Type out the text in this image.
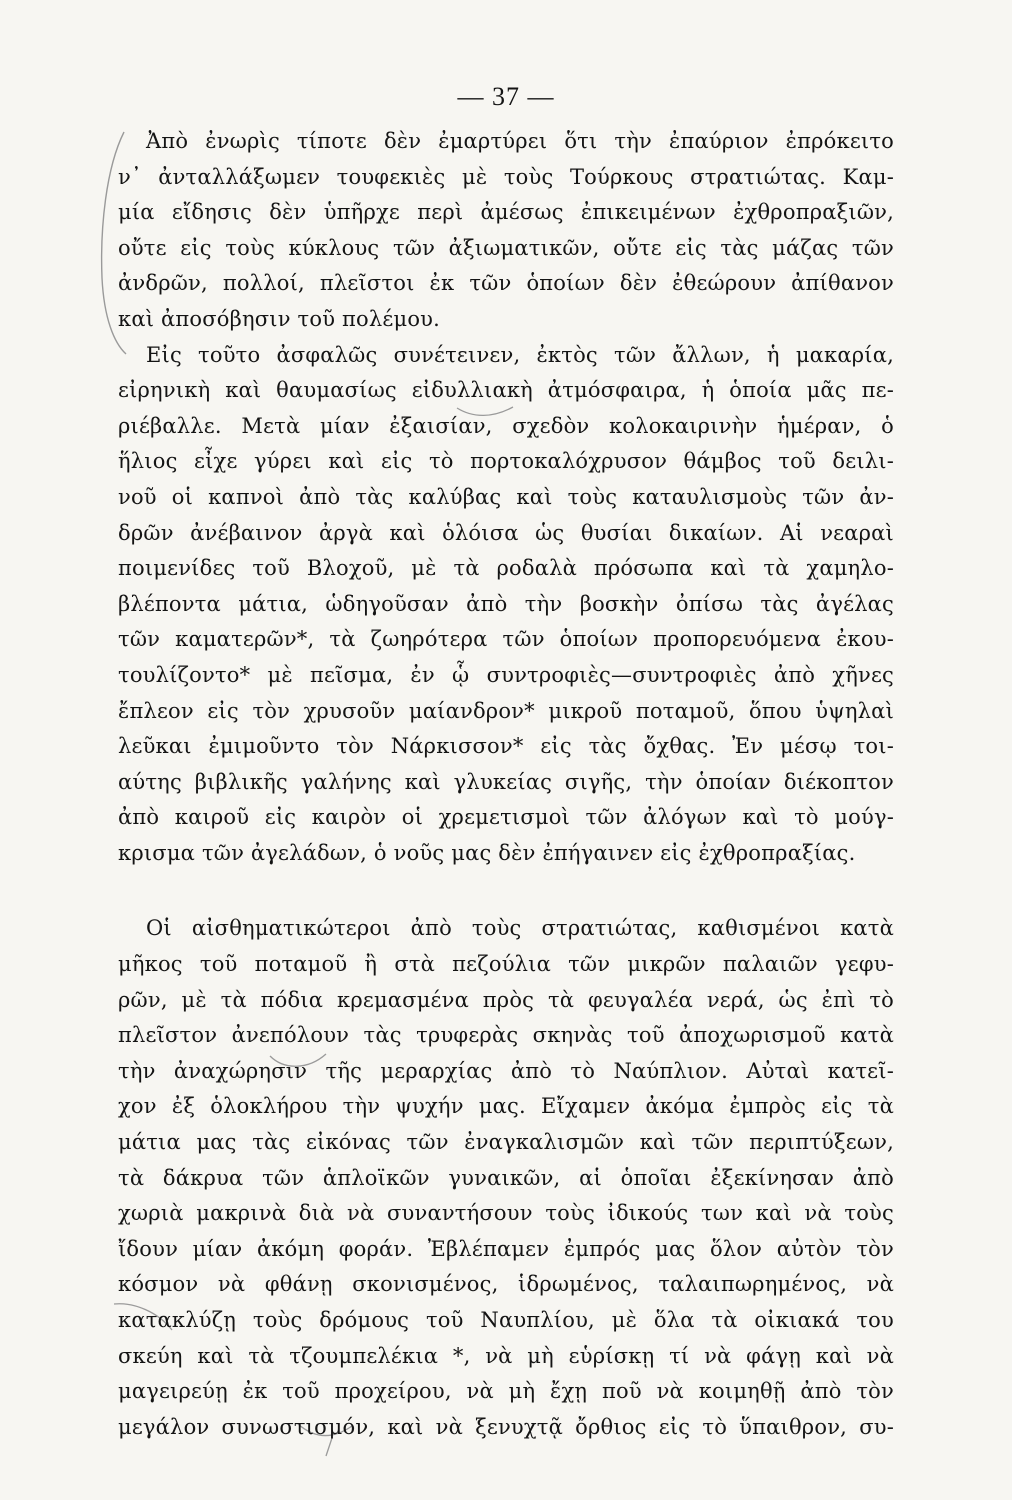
— 37 —
Ἀπὸ ἐνωρὶς τίποτε δὲν ἐμαρτύρει ὅτι τὴν ἐπαύριον ἐπρόκειτο
ν᾽ ἀνταλλάξωμεν τουφεκιὲς μὲ τοὺς Τούρκους στρατιώτας. Καμ-
μία εἴδησις δὲν ὑπῆρχε περὶ ἀμέσως ἐπικειμένων ἐχθροπραξιῶν,
οὔτε εἰς τοὺς κύκλους τῶν ἀξιωματικῶν, οὔτε εἰς τὰς μάζας τῶν
ἀνδρῶν, πολλοί, πλεῖστοι ἐκ τῶν ὁποίων δὲν ἐθεώρουν ἀπίθανον
καὶ ἀποσόβησιν τοῦ πολέμου.
Εἰς τοῦτο ἀσφαλῶς συνέτεινεν, ἐκτὸς τῶν ἄλλων, ἡ μακαρία,
εἰρηνικὴ καὶ θαυμασίως εἰδυλλιακὴ ἀτμόσφαιρα, ἡ ὁποία μᾶς πε-
ριέβαλλε. Μετὰ μίαν ἐξαισίαν, σχεδὸν κολοκαιρινὴν ἡμέραν, ὁ
ἥλιος εἶχε γύρει καὶ εἰς τὸ πορτοκαλόχρυσον θάμβος τοῦ δειλι-
νοῦ οἱ καπνοὶ ἀπὸ τὰς καλύβας καὶ τοὺς καταυλισμοὺς τῶν ἀν-
δρῶν ἀνέβαινον ἀργὰ καὶ ὁλόισα ὡς θυσίαι δικαίων. Αἱ νεαραὶ
ποιμενίδες τοῦ Βλοχοῦ, μὲ τὰ ροδαλὰ πρόσωπα καὶ τὰ χαμηλο-
βλέποντα μάτια, ὡδηγοῦσαν ἀπὸ τὴν βοσκὴν ὀπίσω τὰς ἀγέλας
τῶν καματερῶν*, τὰ ζωηρότερα τῶν ὁποίων προπορευόμενα ἐκου-
τουλίζοντο* μὲ πεῖσμα, ἐν ᾧ συντροφιὲς—συντροφιὲς ἀπὸ χῆνες
ἔπλεον εἰς τὸν χρυσοῦν μαίανδρον* μικροῦ ποταμοῦ, ὅπου ὑψηλαὶ
λεῦκαι ἐμιμοῦντο τὸν Νάρκισσον* εἰς τὰς ὄχθας. Ἐν μέσῳ τοι-
αύτης βιβλικῆς γαλήνης καὶ γλυκείας σιγῆς, τὴν ὁποίαν διέκοπτον
ἀπὸ καιροῦ εἰς καιρὸν οἱ χρεμετισμοὶ τῶν ἀλόγων καὶ τὸ μούγ-
κρισμα τῶν ἀγελάδων, ὁ νοῦς μας δὲν ἐπήγαινεν εἰς ἐχθροπραξίας.
Οἱ αἰσθηματικώτεροι ἀπὸ τοὺς στρατιώτας, καθισμένοι κατὰ
μῆκος τοῦ ποταμοῦ ἢ στὰ πεζούλια τῶν μικρῶν παλαιῶν γεφυ-
ρῶν, μὲ τὰ πόδια κρεμασμένα πρὸς τὰ φευγαλέα νερά, ὡς ἐπὶ τὸ
πλεῖστον ἀνεπόλουν τὰς τρυφερὰς σκηνὰς τοῦ ἀποχωρισμοῦ κατὰ
τὴν ἀναχώρησιν τῆς μεραρχίας ἀπὸ τὸ Ναύπλιον. Αὐταὶ κατεῖ-
χον ἐξ ὁλοκλήρου τὴν ψυχήν μας. Εἴχαμεν ἀκόμα ἐμπρὸς εἰς τὰ
μάτια μας τὰς εἰκόνας τῶν ἐναγκαλισμῶν καὶ τῶν περιπτύξεων,
τὰ δάκρυα τῶν ἁπλοϊκῶν γυναικῶν, αἱ ὁποῖαι ἐξεκίνησαν ἀπὸ
χωριὰ μακρινὰ διὰ νὰ συναντήσουν τοὺς ἰδικούς των καὶ νὰ τοὺς
ἴδουν μίαν ἀκόμη φοράν. Ἐβλέπαμεν ἐμπρός μας ὅλον αὐτὸν τὸν
κόσμον νὰ φθάνῃ σκονισμένος, ἱδρωμένος, ταλαιπωρημένος, νὰ
κατακλύζῃ τοὺς δρόμους τοῦ Ναυπλίου, μὲ ὅλα τὰ οἰκιακά του
σκεύη καὶ τὰ τζουμπελέκια *, νὰ μὴ εὑρίσκῃ τί νὰ φάγῃ καὶ νὰ
μαγειρεύῃ ἐκ τοῦ προχείρου, νὰ μὴ ἔχῃ ποῦ νὰ κοιμηθῇ ἀπὸ τὸν
μεγάλον συνωστισμόν, καὶ νὰ ξενυχτᾷ ὄρθιος εἰς τὸ ὕπαιθρον, συ-
